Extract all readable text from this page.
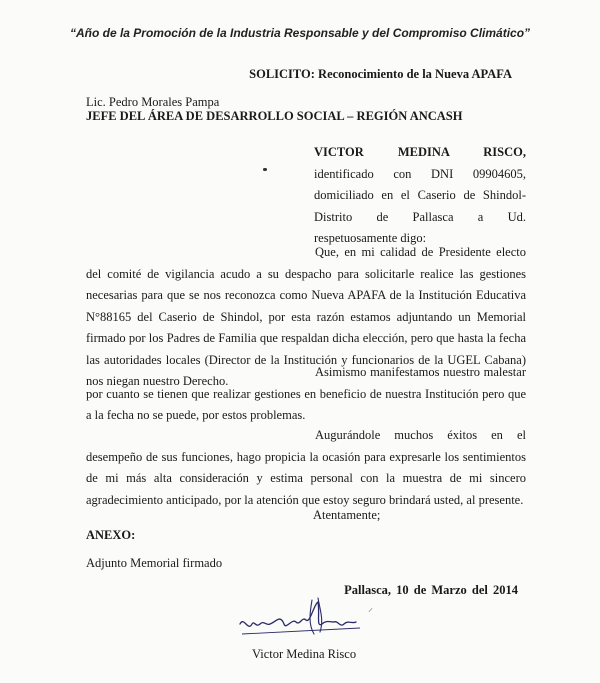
“Año de la Promoción de la Industria Responsable y del Compromiso Climático”
SOLICITO: Reconocimiento de la Nueva APAFA
Lic. Pedro Morales Pampa
JEFE DEL ÁREA DE DESARROLLO SOCIAL – REGIÓN ANCASH
VICTOR MEDINA RISCO, identificado con DNI 09904605, domiciliado en el Caserio de Shindol- Distrito de Pallasca a Ud. respetuosamente digo:
Que, en mi calidad de Presidente electo del comité de vigilancia acudo a su despacho para solicitarle realice las gestiones necesarias para que se nos reconozca como Nueva APAFA de la Institución Educativa N°88165 del Caserio de Shindol, por esta razón estamos adjuntando un Memorial firmado por los Padres de Familia que respaldan dicha elección, pero que hasta la fecha las autoridades locales (Director de la Institución y funcionarios de la UGEL Cabana) nos niegan nuestro Derecho.
Asimismo manifestamos nuestro malestar por cuanto se tienen que realizar gestiones en beneficio de nuestra Institución pero que a la fecha no se puede, por estos problemas.
Augurándole muchos éxitos en el desempeño de sus funciones, hago propicia la ocasión para expresarle los sentimientos de mi más alta consideración y estima personal con la muestra de mi sincero agradecimiento anticipado, por la atención que estoy seguro brindará usted, al presente.
Atentamente;
ANEXO:
Adjunto Memorial firmado
Pallasca, 10 de Marzo del 2014
⸝
Victor Medina Risco
